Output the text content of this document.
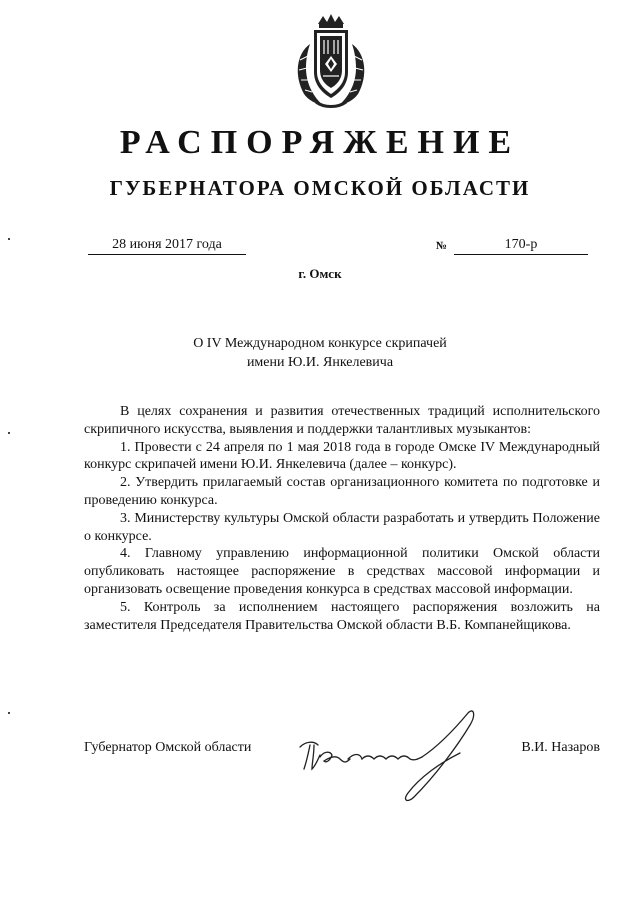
РАСПОРЯЖЕНИЕ
ГУБЕРНАТОРА ОМСКОЙ ОБЛАСТИ
28 июня 2017 года	№	170-р
г. Омск
О IV Международном конкурсе скрипачей
имени Ю.И. Янкелевича

В целях сохранения и развития отечественных традиций исполнительского скрипичного искусства, выявления и поддержки талантливых музыкантов:

1. Провести с 24 апреля по 1 мая 2018 года в городе Омске IV Международный конкурс скрипачей имени Ю.И. Янкелевича (далее – конкурс).

2. Утвердить прилагаемый состав организационного комитета по подготовке и проведению конкурса.

3. Министерству культуры Омской области разработать и утвердить Положение о конкурсе.

4. Главному управлению информационной политики Омской области опубликовать настоящее распоряжение в средствах массовой информации и организовать освещение проведения конкурса в средствах массовой информации.

5. Контроль за исполнением настоящего распоряжения возложить на заместителя Председателя Правительства Омской области В.Б. Компанейщикова.

Губернатор Омской области	В.И. Назаров
